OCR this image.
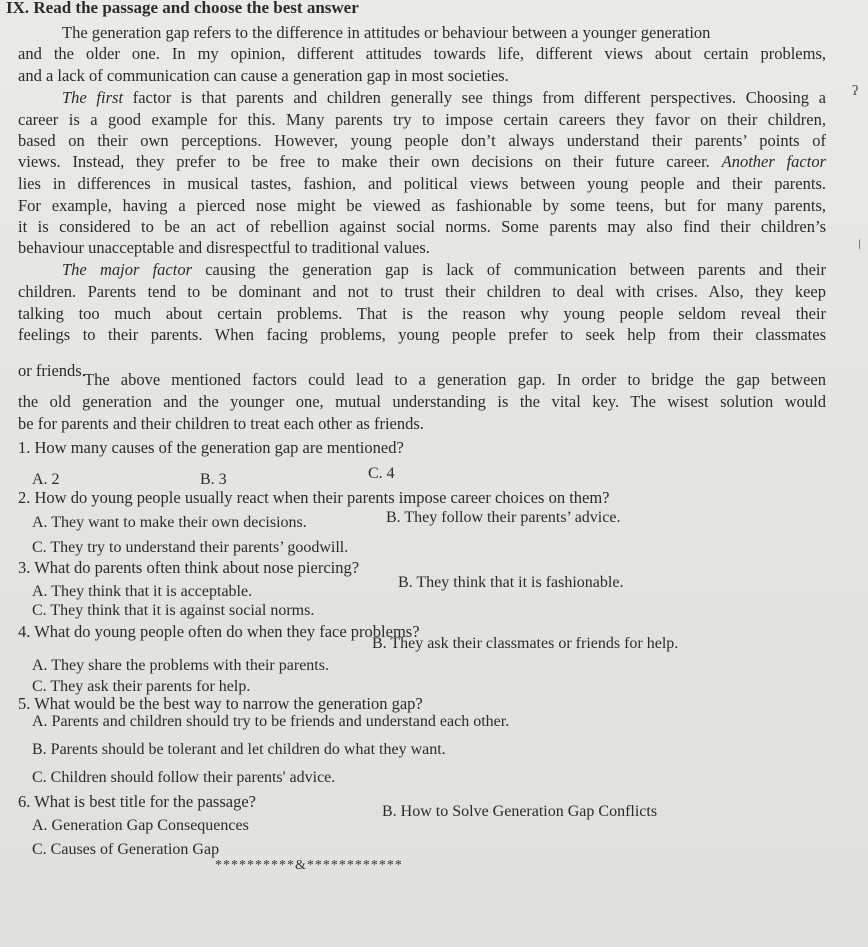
IX. Read the passage and choose the best answer
The generation gap refers to the difference in attitudes or behaviour between a younger generation
and the older one. In my opinion, different attitudes towards life, different views about certain problems,
and a lack of communication can cause a generation gap in most societies.
The first factor is that parents and children generally see things from different perspectives. Choosing a
career is a good example for this. Many parents try to impose certain careers they favor on their children,
based on their own perceptions. However, young people don’t always understand their parents’ points of
views. Instead, they prefer to be free to make their own decisions on their future career. Another factor
lies in differences in musical tastes, fashion, and political views between young people and their parents.
For example, having a pierced nose might be viewed as fashionable by some teens, but for many parents,
it is considered to be an act of rebellion against social norms. Some parents may also find their children’s
behaviour unacceptable and disrespectful to traditional values.
The major factor causing the generation gap is lack of communication between parents and their
children. Parents tend to be dominant and not to trust their children to deal with crises. Also, they keep
talking too much about certain problems. That is the reason why young people seldom reveal their
feelings to their parents. When facing problems, young people prefer to seek help from their classmates
or friends.
The above mentioned factors could lead to a generation gap. In order to bridge the gap between
the old generation and the younger one, mutual understanding is the vital key. The wisest solution would
be for parents and their children to treat each other as friends.
1. How many causes of the generation gap are mentioned?
A. 2	B. 3	C. 4
2. How do young people usually react when their parents impose career choices on them?
A. They want to make their own decisions.	B. They follow their parents’ advice.
C. They try to understand their parents’ goodwill.
3. What do parents often think about nose piercing?
A. They think that it is acceptable.
B. They think that it is fashionable.
C. They think that it is against social norms.
4. What do young people often do when they face problems?
A. They share the problems with their parents.
B. They ask their classmates or friends for help.
C. They ask their parents for help.
5. What would be the best way to narrow the generation gap?
A. Parents and children should try to be friends and understand each other.
B. Parents should be tolerant and let children do what they want.
C. Children should follow their parents' advice.
6. What is best title for the passage?
A. Generation Gap Consequences
B. How to Solve Generation Gap Conflicts
C. Causes of Generation Gap
**********&************
ʔ
ǀ
